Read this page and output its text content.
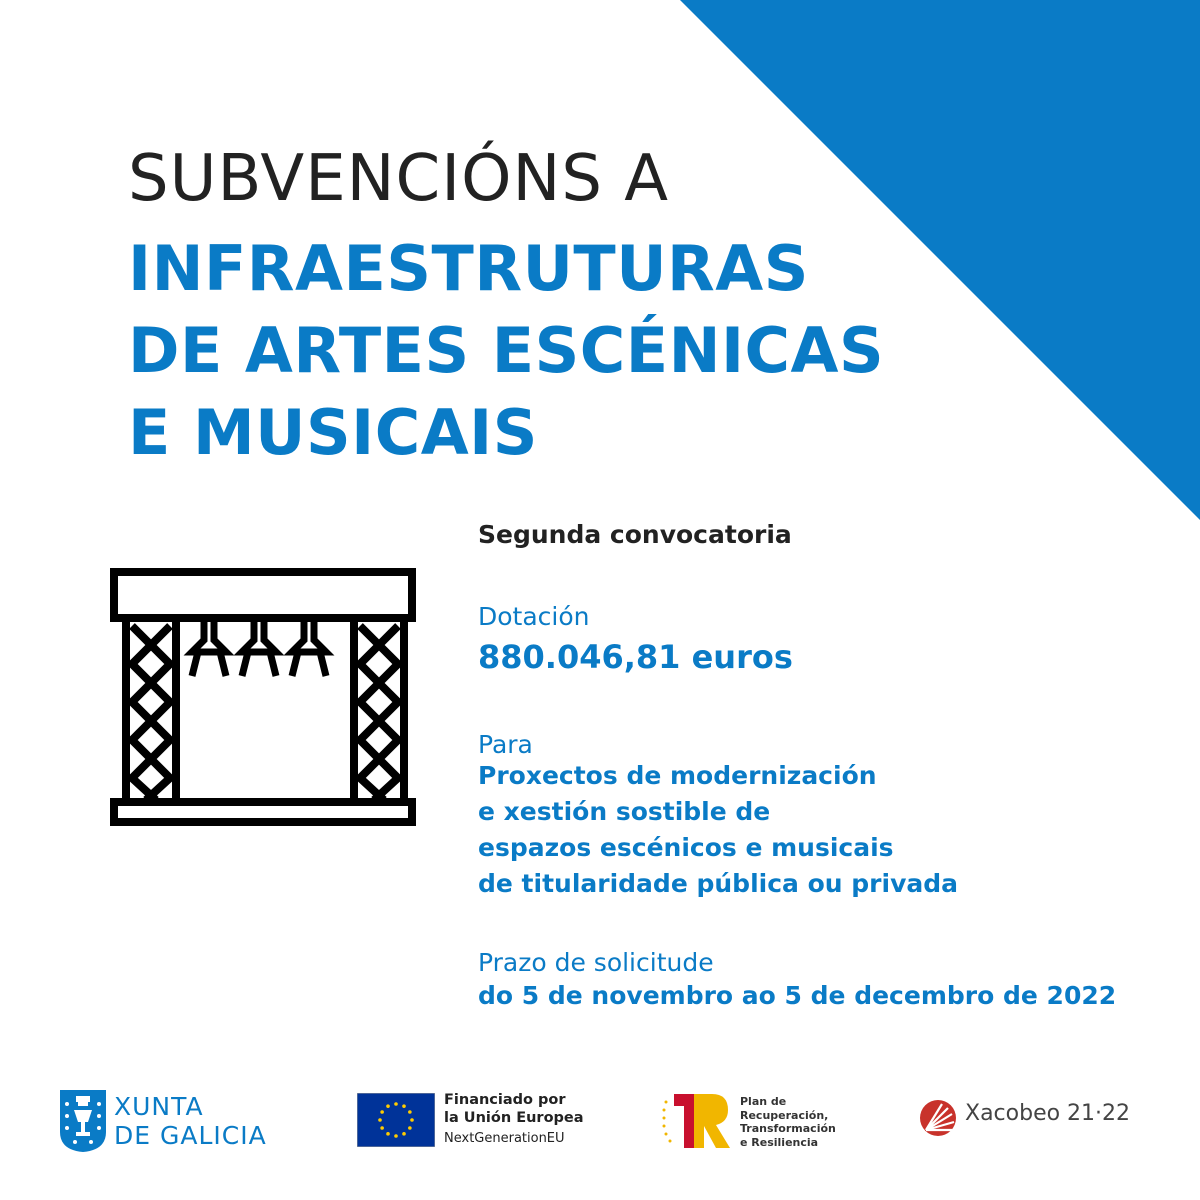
SUBVENCIÓNS A
INFRAESTRUTURAS
DE ARTES ESCÉNICAS
E MUSICAIS
Segunda convocatoria
Dotación
880.046,81 euros
Para
Proxectos de modernización
e xestión sostible de
espazos escénicos e musicais
de titularidade pública ou privada
Prazo de solicitude
do 5 de novembro ao 5 de decembro de 2022
XUNTA
DE GALICIA
Financiado por
la Unión Europea
NextGenerationEU
Plan de
Recuperación,
Transformación
e Resiliencia
Xacobeo 21·22
